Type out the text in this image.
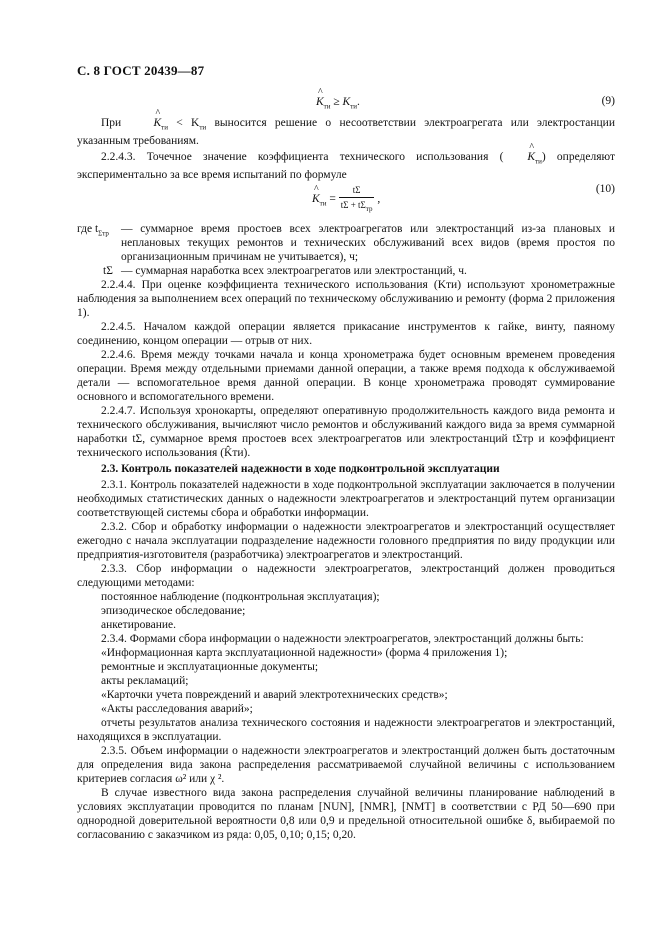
С. 8 ГОСТ 20439—87
^
$K_{ти} \ge K_{ти}$.	(9)

При
^
$K_{ти} < K_{ти}$ выносится решение о несоответствии электроагрегата или электростанции указанным требованиям.

2.2.4.3. Точечное значение коэффициента технического использования (
^
$K_{ти}$) определяют экспериментально за все время испытаний по формуле

^
$K_{ти} = \frac{t\Sigma}{t\Sigma + t\Sigma_{тр}}$ ,
(10)
где $t_{\Sigma тр}$ — суммарное время простоев всех электроагрегатов или электростанций из-за плановых и неплановых текущих ремонтов и технических обслуживаний всех видов (время простоя по организационным причинам не учитывается), ч;
tΣ — суммарная наработка всех электроагрегатов или электростанций, ч.

2.2.4.4. При оценке коэффициента технического использования (Kти) используют хронометражные наблюдения за выполнением всех операций по техническому обслуживанию и ремонту (форма 2 приложения 1).

2.2.4.5. Началом каждой операции является прикасание инструментов к гайке, винту, паяному соединению, концом операции — отрыв от них.

2.2.4.6. Время между точками начала и конца хронометража будет основным временем проведения операции. Время между отдельными приемами данной операции, а также время подхода к обслуживаемой детали — вспомогательное время данной операции. В конце хронометража проводят суммирование основного и вспомогательного времени.

2.2.4.7. Используя хронокарты, определяют оперативную продолжительность каждого вида ремонта и технического обслуживания, вычисляют число ремонтов и обслуживаний каждого вида за время суммарной наработки tΣ, суммарное время простоев всех электроагрегатов или электростанций tΣтр и коэффициент технического использования (K̂ти).

2.3. Контроль показателей надежности в ходе подконтрольной эксплуатации

2.3.1. Контроль показателей надежности в ходе подконтрольной эксплуатации заключается в получении необходимых статистических данных о надежности электроагрегатов и электростанций путем организации соответствующей системы сбора и обработки информации.

2.3.2. Сбор и обработку информации о надежности электроагрегатов и электростанций осуществляет ежегодно с начала эксплуатации подразделение надежности головного предприятия по виду продукции или предприятия-изготовителя (разработчика) электроагрегатов и электростанций.

2.3.3. Сбор информации о надежности электроагрегатов, электростанций должен проводиться следующими методами:

постоянное наблюдение (подконтрольная эксплуатация);

эпизодическое обследование;

анкетирование.

2.3.4. Формами сбора информации о надежности электроагрегатов, электростанций должны быть:

«Информационная карта эксплуатационной надежности» (форма 4 приложения 1);

ремонтные и эксплуатационные документы;

акты рекламаций;

«Карточки учета повреждений и аварий электротехнических средств»;

«Акты расследования аварий»;

отчеты результатов анализа технического состояния и надежности электроагрегатов и электростанций, находящихся в эксплуатации.

2.3.5. Объем информации о надежности электроагрегатов и электростанций должен быть достаточным для определения вида закона распределения рассматриваемой случайной величины с использованием критериев согласия ω² или χ ².

В случае известного вида закона распределения случайной величины планирование наблюдений в условиях эксплуатации проводится по планам [NUN], [NMR], [NMT] в соответствии с РД 50—690 при однородной доверительной вероятности 0,8 или 0,9 и предельной относительной ошибке δ, выбираемой по согласованию с заказчиком из ряда: 0,05, 0,10; 0,15; 0,20.
